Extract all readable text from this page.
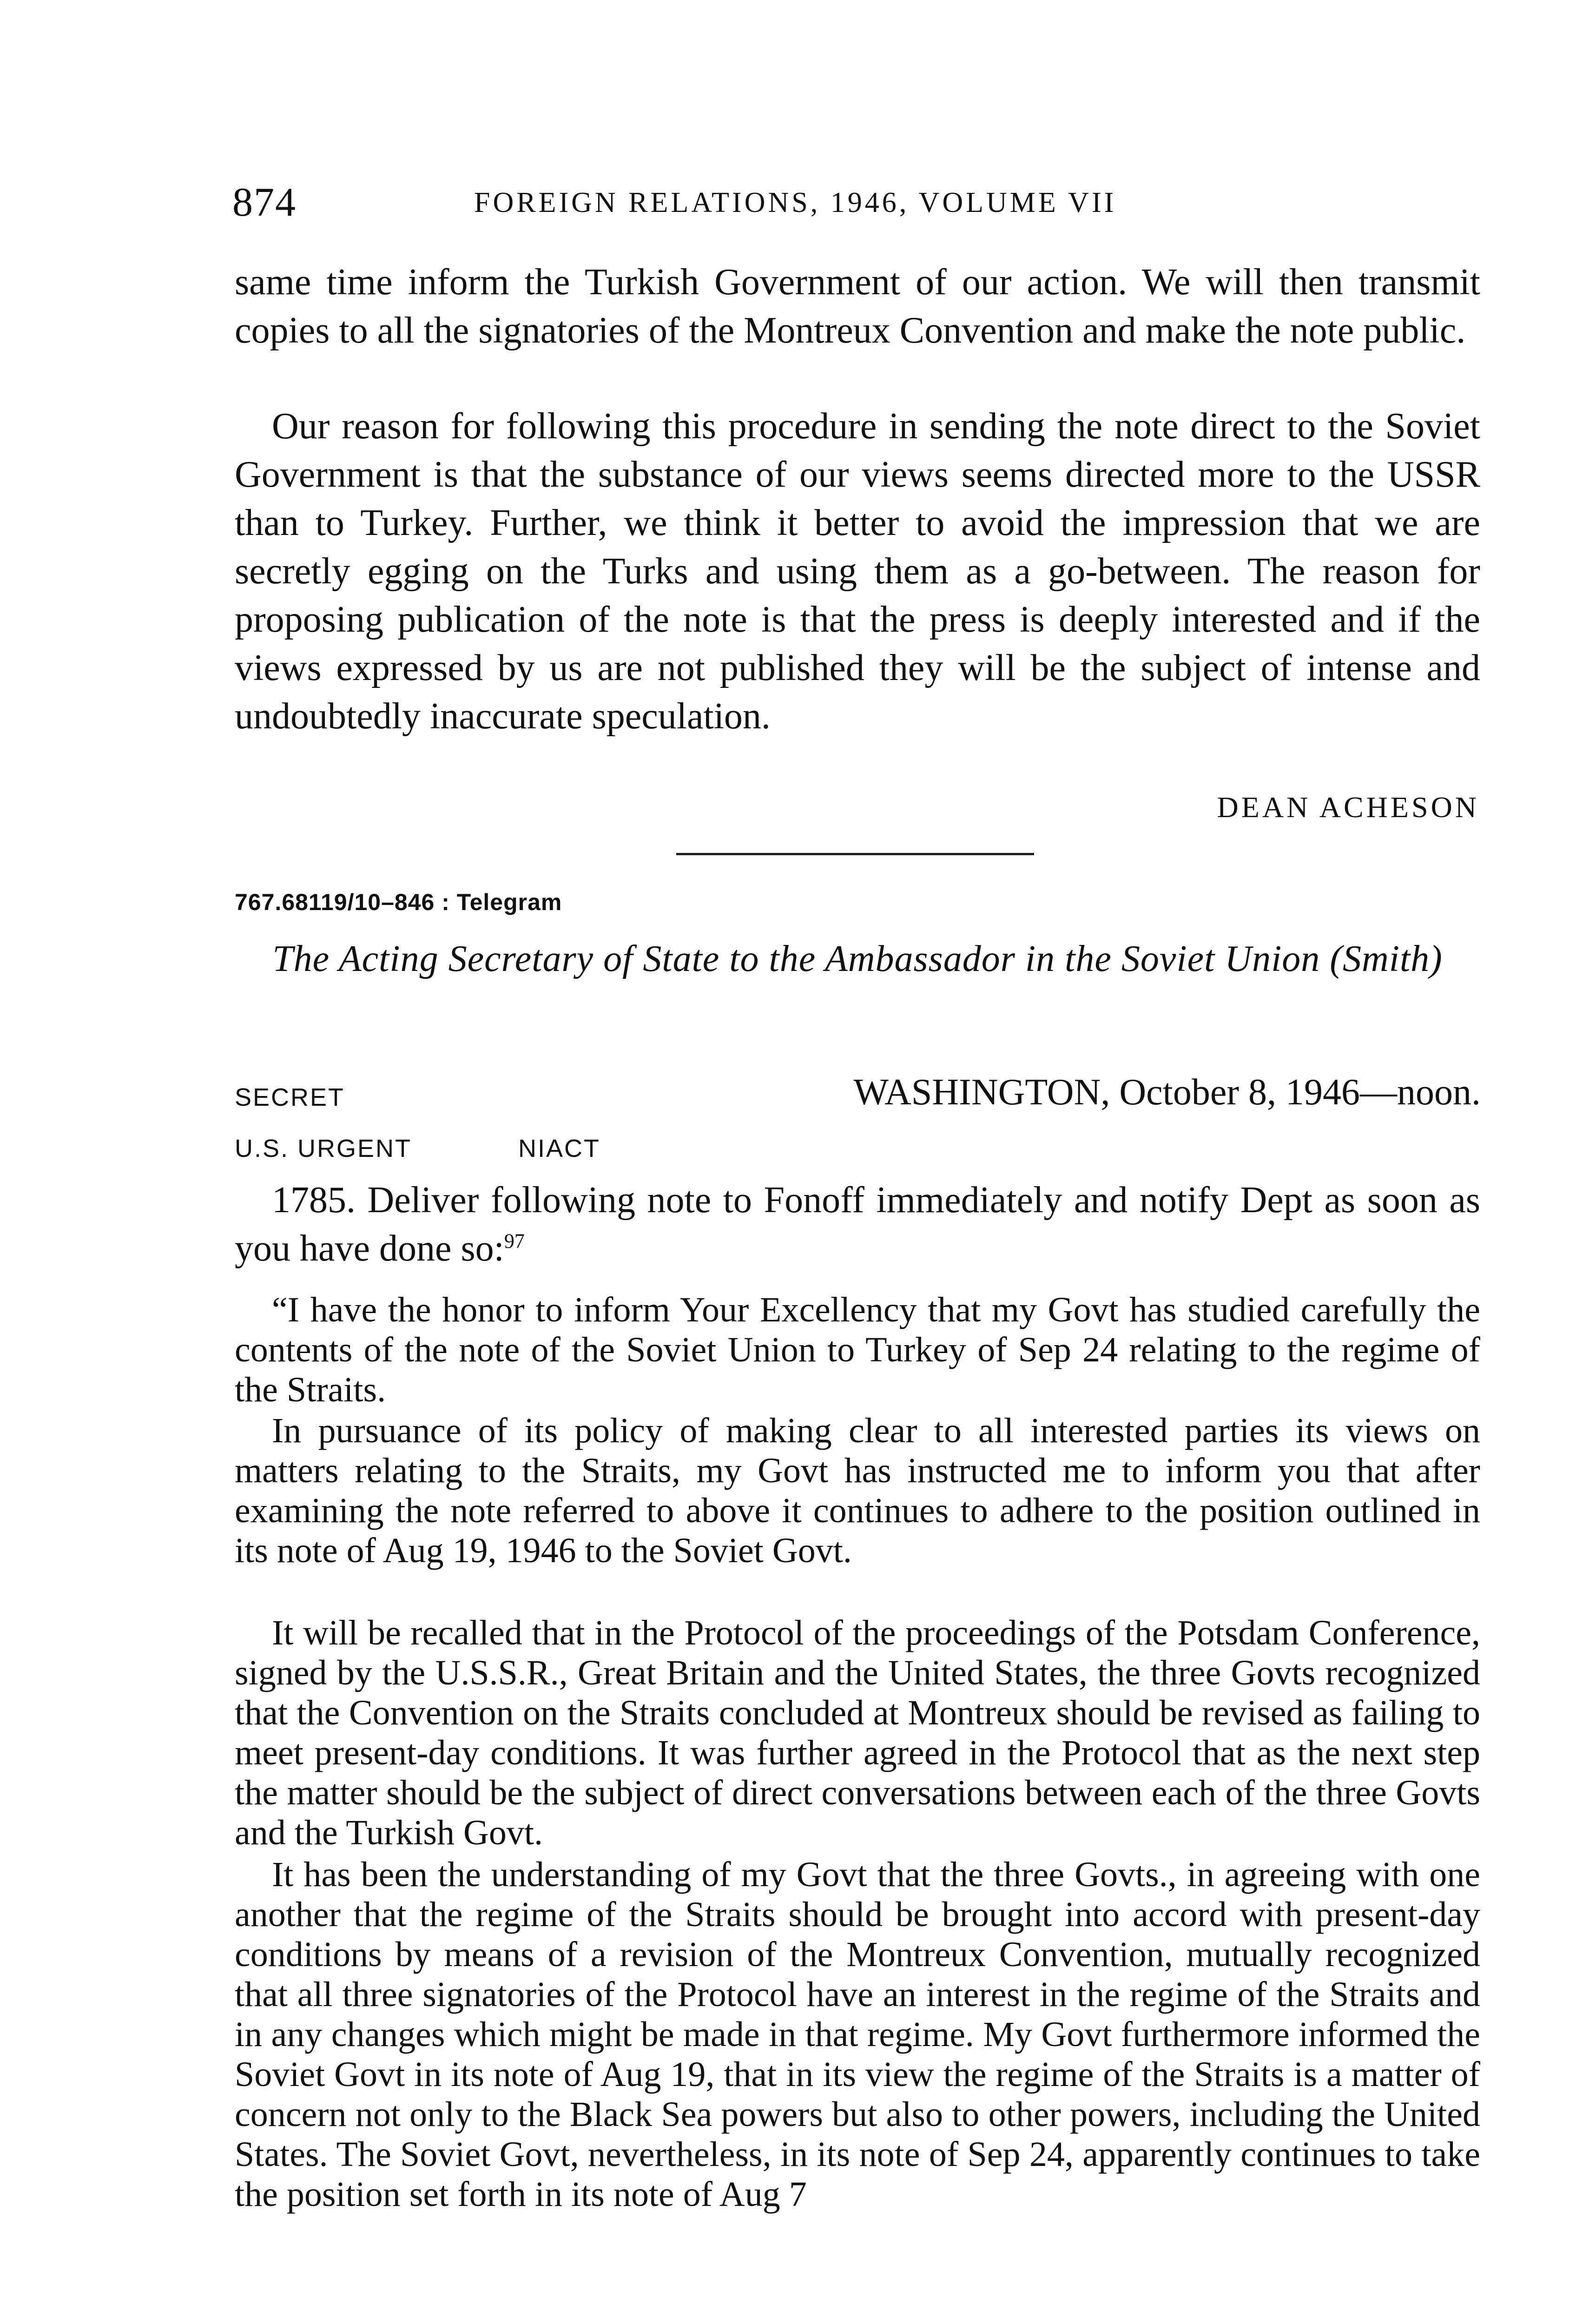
874	FOREIGN RELATIONS, 1946, VOLUME VII

same time inform the Turkish Government of our action. We will then transmit copies to all the signatories of the Montreux Convention and make the note public.

Our reason for following this procedure in sending the note direct to the Soviet Government is that the substance of our views seems directed more to the USSR than to Turkey. Further, we think it better to avoid the impression that we are secretly egging on the Turks and using them as a go-between. The reason for proposing publication of the note is that the press is deeply interested and if the views expressed by us are not published they will be the subject of intense and undoubtedly inaccurate speculation.

DEAN ACHESON
767.68119/10–846 : Telegram

The Acting Secretary of State to the Ambassador in the Soviet Union (Smith)

SECRET	WASHINGTON, October 8, 1946—noon.
U.S. URGENT	NIACT

1785. Deliver following note to Fonoff immediately and notify Dept as soon as you have done so:$^{97}$

“I have the honor to inform Your Excellency that my Govt has studied carefully the contents of the note of the Soviet Union to Turkey of Sep 24 relating to the regime of the Straits.

In pursuance of its policy of making clear to all interested parties its views on matters relating to the Straits, my Govt has instructed me to inform you that after examining the note referred to above it continues to adhere to the position outlined in its note of Aug 19, 1946 to the Soviet Govt.

It will be recalled that in the Protocol of the proceedings of the Potsdam Conference, signed by the U.S.S.R., Great Britain and the United States, the three Govts recognized that the Convention on the Straits concluded at Montreux should be revised as failing to meet present-day conditions. It was further agreed in the Protocol that as the next step the matter should be the subject of direct conversations between each of the three Govts and the Turkish Govt.

It has been the understanding of my Govt that the three Govts., in agreeing with one another that the regime of the Straits should be brought into accord with present-day conditions by means of a revision of the Montreux Convention, mutually recognized that all three signatories of the Protocol have an interest in the regime of the Straits and in any changes which might be made in that regime. My Govt furthermore informed the Soviet Govt in its note of Aug 19, that in its view the regime of the Straits is a matter of concern not only to the Black Sea powers but also to other powers, including the United States. The Soviet Govt, nevertheless, in its note of Sep 24, apparently continues to take the position set forth in its note of Aug 7
